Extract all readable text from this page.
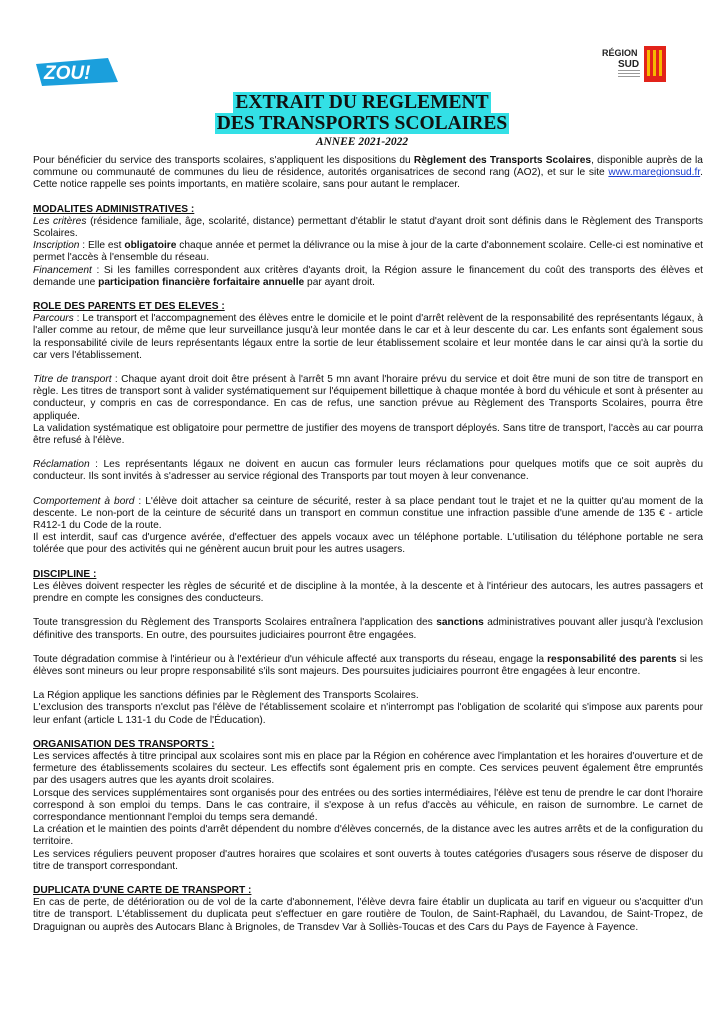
ZOU!
RÉGION
SUD
EXTRAIT DU REGLEMENT
DES TRANSPORTS SCOLAIRES
ANNEE 2021-2022

Pour bénéficier du service des transports scolaires, s'appliquent les dispositions du Règlement des Transports Scolaires, disponible auprès de la commune ou communauté de communes du lieu de résidence, autorités organisatrices de second rang (AO2), et sur le site www.maregionsud.fr. Cette notice rappelle ses points importants, en matière scolaire, sans pour autant le remplacer.

MODALITES ADMINISTRATIVES :

Les critères (résidence familiale, âge, scolarité, distance) permettant d'établir le statut d'ayant droit sont définis dans le Règlement des Transports Scolaires.

Inscription : Elle est obligatoire chaque année et permet la délivrance ou la mise à jour de la carte d'abonnement scolaire. Celle-ci est nominative et permet l'accès à l'ensemble du réseau.

Financement : Si les familles correspondent aux critères d'ayants droit, la Région assure le financement du coût des transports des élèves et demande une participation financière forfaitaire annuelle par ayant droit.

ROLE DES PARENTS ET DES ELEVES :

Parcours : Le transport et l'accompagnement des élèves entre le domicile et le point d'arrêt relèvent de la responsabilité des représentants légaux, à l'aller comme au retour, de même que leur surveillance jusqu'à leur montée dans le car et à leur descente du car. Les enfants sont également sous la responsabilité civile de leurs représentants légaux entre la sortie de leur établissement scolaire et leur montée dans le car ainsi qu'à la sortie du car vers l'établissement.

Titre de transport : Chaque ayant droit doit être présent à l'arrêt 5 mn avant l'horaire prévu du service et doit être muni de son titre de transport en règle. Les titres de transport sont à valider systématiquement sur l'équipement billettique à chaque montée à bord du véhicule et sont à présenter au conducteur, y compris en cas de correspondance. En cas de refus, une sanction prévue au Règlement des Transports Scolaires, pourra être appliquée.

La validation systématique est obligatoire pour permettre de justifier des moyens de transport déployés. Sans titre de transport, l'accès au car pourra être refusé à l'élève.

Réclamation : Les représentants légaux ne doivent en aucun cas formuler leurs réclamations pour quelques motifs que ce soit auprès du conducteur. Ils sont invités à s'adresser au service régional des Transports par tout moyen à leur convenance.

Comportement à bord : L'élève doit attacher sa ceinture de sécurité, rester à sa place pendant tout le trajet et ne la quitter qu'au moment de la descente. Le non-port de la ceinture de sécurité dans un transport en commun constitue une infraction passible d'une amende de 135 € - article R412-1 du Code de la route.

Il est interdit, sauf cas d'urgence avérée, d'effectuer des appels vocaux avec un téléphone portable. L'utilisation du téléphone portable ne sera tolérée que pour des activités qui ne génèrent aucun bruit pour les autres usagers.

DISCIPLINE :

Les élèves doivent respecter les règles de sécurité et de discipline à la montée, à la descente et à l'intérieur des autocars, les autres passagers et prendre en compte les consignes des conducteurs.

Toute transgression du Règlement des Transports Scolaires entraînera l'application des sanctions administratives pouvant aller jusqu'à l'exclusion définitive des transports. En outre, des poursuites judiciaires pourront être engagées.

Toute dégradation commise à l'intérieur ou à l'extérieur d'un véhicule affecté aux transports du réseau, engage la responsabilité des parents si les élèves sont mineurs ou leur propre responsabilité s'ils sont majeurs. Des poursuites judiciaires pourront être engagées à leur encontre.

La Région applique les sanctions définies par le Règlement des Transports Scolaires.

L'exclusion des transports n'exclut pas l'élève de l'établissement scolaire et n'interrompt pas l'obligation de scolarité qui s'impose aux parents pour leur enfant (article L 131-1 du Code de l'Éducation).

ORGANISATION DES TRANSPORTS :

Les services affectés à titre principal aux scolaires sont mis en place par la Région en cohérence avec l'implantation et les horaires d'ouverture et de fermeture des établissements scolaires du secteur. Les effectifs sont également pris en compte. Ces services peuvent également être empruntés par des usagers autres que les ayants droit scolaires.

Lorsque des services supplémentaires sont organisés pour des entrées ou des sorties intermédiaires, l'élève est tenu de prendre le car dont l'horaire correspond à son emploi du temps. Dans le cas contraire, il s'expose à un refus d'accès au véhicule, en raison de surnombre. Le carnet de correspondance mentionnant l'emploi du temps sera demandé.

La création et le maintien des points d'arrêt dépendent du nombre d'élèves concernés, de la distance avec les autres arrêts et de la configuration du territoire.

Les services réguliers peuvent proposer d'autres horaires que scolaires et sont ouverts à toutes catégories d'usagers sous réserve de disposer du titre de transport correspondant.

DUPLICATA D'UNE CARTE DE TRANSPORT :

En cas de perte, de détérioration ou de vol de la carte d'abonnement, l'élève devra faire établir un duplicata au tarif en vigueur ou s'acquitter d'un titre de transport. L'établissement du duplicata peut s'effectuer en gare routière de Toulon, de Saint-Raphaël, du Lavandou, de Saint-Tropez, de Draguignan ou auprès des Autocars Blanc à Brignoles, de Transdev Var à Solliès-Toucas et des Cars du Pays de Fayence à Fayence.
